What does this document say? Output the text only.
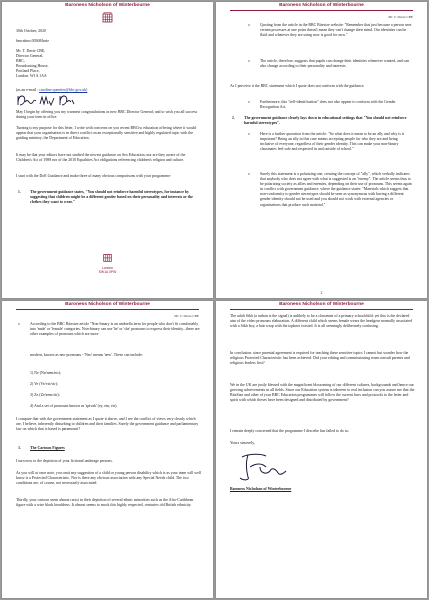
Baroness Nicholson of Winterbourne

30th October, 2020

bmcnbsw.0036Murie

Mr. T. Davie CBE,

Director General,

BBC,

Broadcasting House,

Portland Place,

London. W1A 1AA

(as an e-mail : caroline.quentier@bbc.gov.uk)

May I begin by offering you my warmest congratulations as new BBC Director General; and to wish you all success during your term in office.

Turning to my purpose for this letter, I write with concerns on you recent BBCtw education offering where it would appear that your organisation is in direct conflict on an exceptionally sensitive and highly regulated topic with the guiding ministry, the Department of Education.

It may be that your editors have not studied the newest guidance on Sex Education, nor are they aware of the Children's Act of 1988 nor of the 2010 Equalities Act obligations referencing children's religion and culture.

I start with the DoE Guidance and make three of many obvious comparisons with your programme:

1. The government guidance states, "You should not reinforce harmful stereotypes, for instance by suggesting that children might be a different gender based on their personality and interests or the clothes they want to wear."

London
SW1A 0PW
Baroness Nicholson of Winterbourne
Mr. T. Davie CBE
o	Quoting from the article in the BBC Bitesize website: "Remember that just because a person sees certain processes at one point doesn't mean they can't change their mind. Our identities can be fluid and whatever they are using now is good for now."

o	The article, therefore, suggests that pupils can change their identities whenever wanted, and can also change according to their personality and interests.

As I perceive it the BBC statement which I quote does not conform with the guidance.

o	Furthermore, this "self-identification" does not also appear to conform with the Gender Recognition Act.

2. The government guidance clearly lays down in educational settings that "You should not reinforce harmful stereotypes".

o	Here is a further quotation from the article: "So what does it mean to be an ally and why is it important? Being an ally in this case means accepting people for who they are and being inclusive of everyone, regardless of their gender identity. This can make your non-binary classmates feel safe and respected in and outside of school."

o	Surely this statement is a polarizing one, creating the concept of "ally", which verbally indicates that anybody who does not agree with what is suggested is an "enemy". The article seems thus to be polarizing society as allies and enemies, depending on their use of pronouns. This seems again in conflict with government guidance, where the guidance states: "Materials which suggest that non-conformity to gender stereotypes should be seen as synonymous with having a different gender identity should not be used and you should not work with external agencies or organisations that produce such material."

2
Baroness Nicholson of Winterbourne
Mr. T. Davie CBE
o	According to the BBC Bitesize article "Non-binary is an umbrella term for people who don't fit comfortably into 'male' or 'female' categories. Non-binary can use 'he' or 'she' pronouns to express their identity...these are other examples of pronouns which are more

modern, known as neo-pronouns - 'Neo' means 'new'. These can include:

1) Ne (Ne/nem/nir);

2) Ve (Ve/vis/vir);

3) Ze (Ze/zem/zir);

4) And a set of pronouns known as 'spivak' (ey, em, eir).

I compare that with the government statement as I quote it above, and I see the conflict of views very clearly which are, I believe, inherently disturbing to children and their families. Surely the government guidance and parliamentary law on which that is based is paramount?

3. The Cartoon Figures

I turn now to the depiction of your fictional underage persons.

As you will at once note, you omit any suggestion of a child or young person disability which is as your team will well know is a Protected Characteristic. Nor is there any obvious association with any Special Needs child. The two conditions are, of course, not necessarily associated.

Thirdly, your cartoon seem almost racist in their depiction of several ethnic minorities such as the Afro-Caribbean figure with a wise black headdress. It almost seems to mock this highly respected, centuries old British ethnicity.

Baroness Nicholson of Winterbourne

The adult Sikh (a turban is the signal) is unlikely to be a classmate of a primary schoolchild; yet this is the declared aim of the video pronouns elaboration. A different child which seems female wears the headgear normally associated with a Sikh boy, a hair wrap with the topknot twisted. It is all seemingly deliberately confusing.

In conclusion, since parental agreement is required for teaching these sensitive topics I cannot but wonder how the religious Protected Characteristic has been achieved. Did your editing and commissioning team consult parents and religious leaders first?

We in the UK are justly blessed with the magnificent blossoming of our different cultures, backgrounds and hence our growing achievements in all fields. Since our Education system is inherent to real inclusion can you assure me that the BitzSize and other of your BBC Education programmes will follow the current laws and protocols to the letter and spirit with which theses have been designed and distributed by government?

I remain deeply concerned that the programme I describe has failed to do so.

Yours sincerely,

Baroness Nicholson of Winterbourne
